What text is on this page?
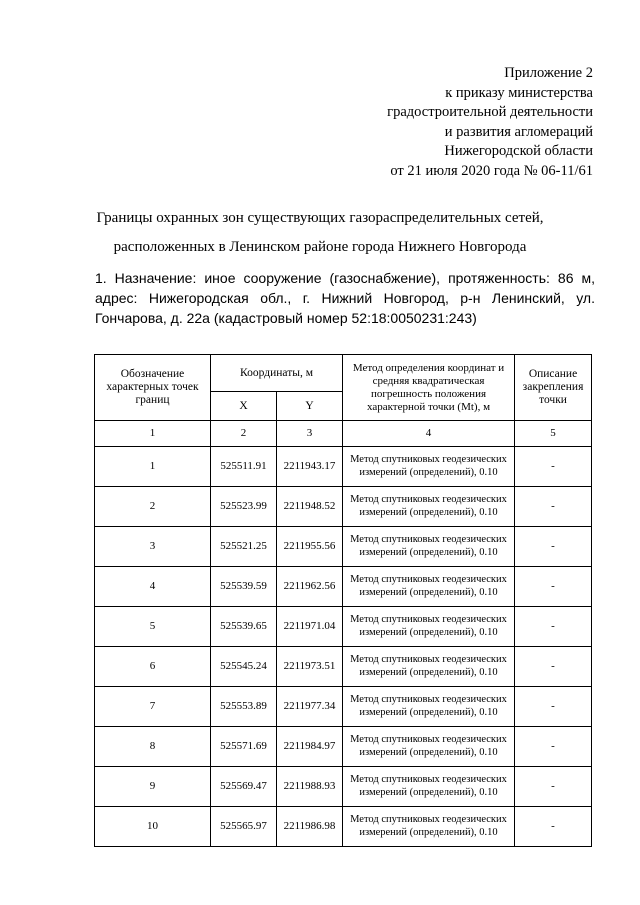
Приложение 2
к приказу министерства
градостроительной деятельности
и развития агломераций
Нижегородской области
от 21 июля 2020 года № 06-11/61
Границы охранных зон существующих газораспределительных сетей,
расположенных в Ленинском районе города Нижнего Новгорода
1. Назначение: иное сооружение (газоснабжение), протяженность: 86 м,
адрес: Нижегородская обл., г. Нижний Новгород, р-н Ленинский, ул.
Гончарова, д. 22а (кадастровый номер 52:18:0050231:243)
Обозначение характерных точек границ	Координаты, м		Метод определения координат и средняя квадратическая погрешность положения характерной точки (Mt), м	Описание закрепления точки
	X	Y		
1	2	3	4	5
1	525511.91	2211943.17	Метод спутниковых геодезических измерений (определений), 0.10	-
2	525523.99	2211948.52	Метод спутниковых геодезических измерений (определений), 0.10	-
3	525521.25	2211955.56	Метод спутниковых геодезических измерений (определений), 0.10	-
4	525539.59	2211962.56	Метод спутниковых геодезических измерений (определений), 0.10	-
5	525539.65	2211971.04	Метод спутниковых геодезических измерений (определений), 0.10	-
6	525545.24	2211973.51	Метод спутниковых геодезических измерений (определений), 0.10	-
7	525553.89	2211977.34	Метод спутниковых геодезических измерений (определений), 0.10	-
8	525571.69	2211984.97	Метод спутниковых геодезических измерений (определений), 0.10	-
9	525569.47	2211988.93	Метод спутниковых геодезических измерений (определений), 0.10	-
10	525565.97	2211986.98	Метод спутниковых геодезических измерений (определений), 0.10	-
